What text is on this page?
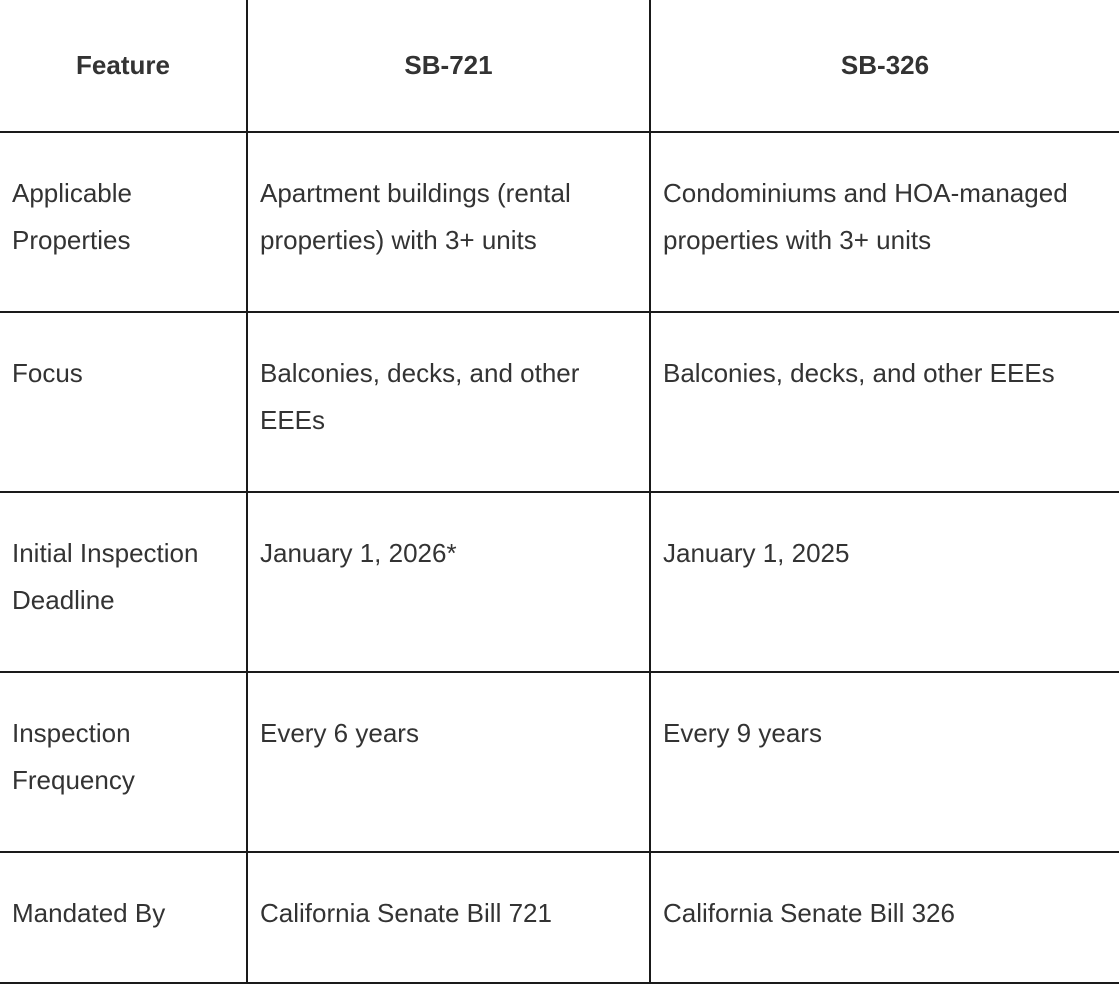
Feature	SB-721	SB-326
Applicable Properties	Apartment buildings (rental properties) with 3+ units	Condominiums and HOA-managed properties with 3+ units
Focus	Balconies, decks, and other EEEs	Balconies, decks, and other EEEs
Initial Inspection Deadline	January 1, 2026*	January 1, 2025
Inspection Frequency	Every 6 years	Every 9 years
Mandated By	California Senate Bill 721	California Senate Bill 326
